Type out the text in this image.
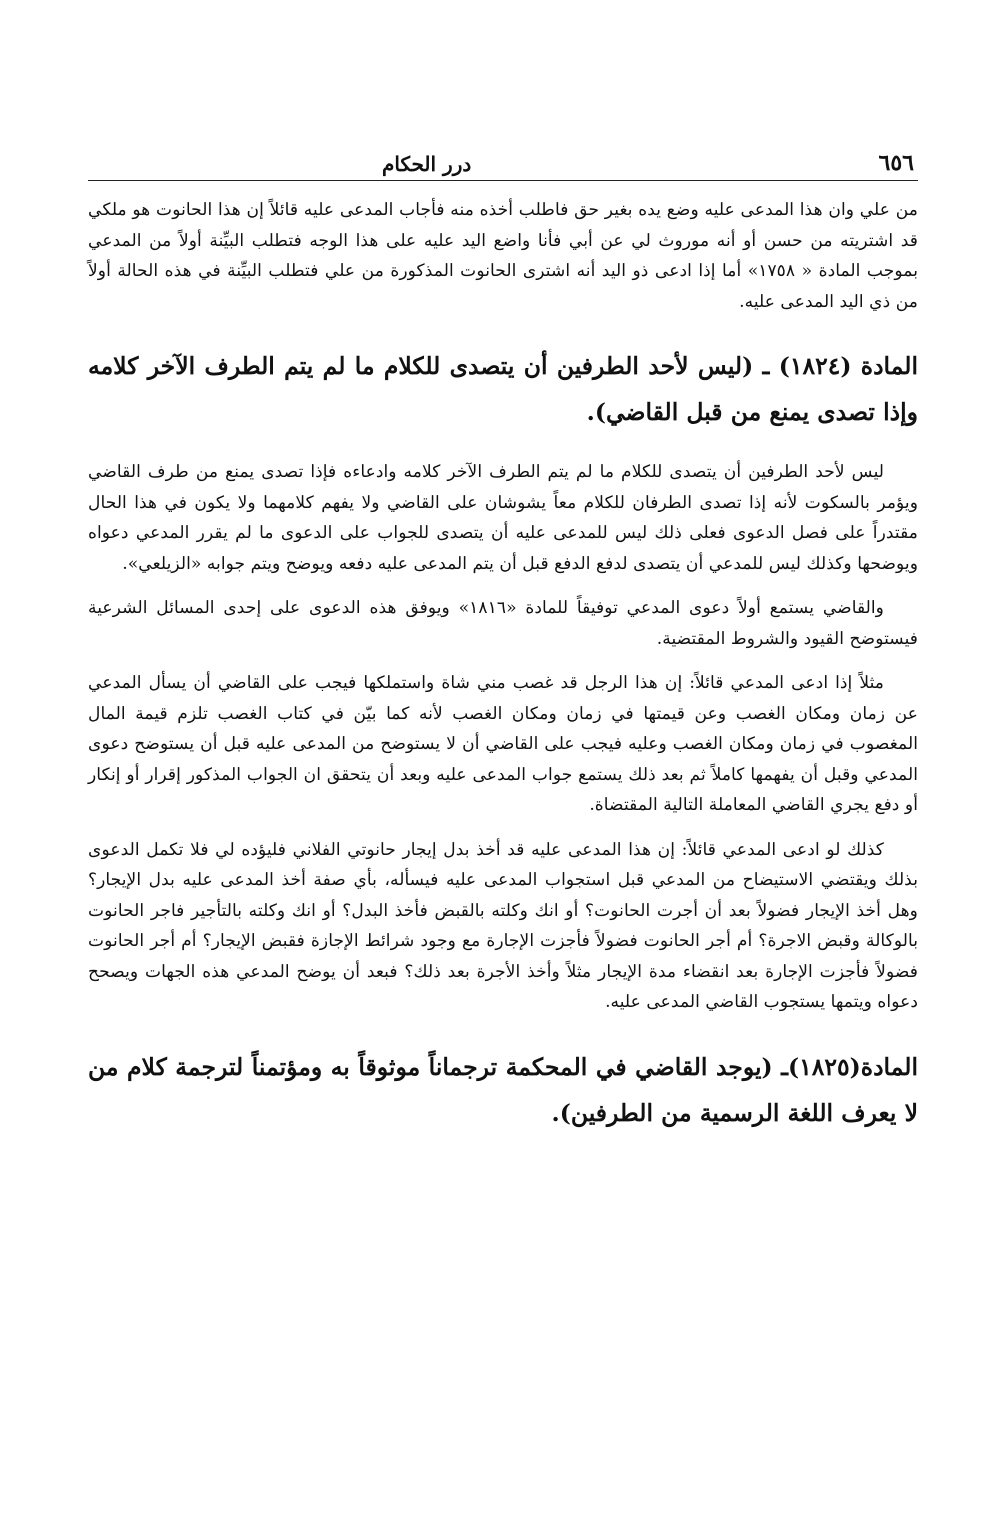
٦٥٦
درر الحكام

من علي وان هذا المدعى عليه وضع يده بغير حق فاطلب أخذه منه فأجاب المدعى عليه قائلاً إن هذا الحانوت هو ملكي قد اشتريته من حسن أو أنه موروث لي عن أبي فأنا واضع اليد عليه على هذا الوجه فتطلب البيِّنة أولاً من المدعي بموجب المادة « ١٧٥٨» أما إذا ادعى ذو اليد أنه اشترى الحانوت المذكورة من علي فتطلب البيِّنة في هذه الحالة أولاً من ذي اليد المدعى عليه.

المادة (١٨٢٤) ـ (ليس لأحد الطرفين أن يتصدى للكلام ما لم يتم الطرف الآخر كلامه وإذا تصدى يمنع من قبل القاضي).

ليس لأحد الطرفين أن يتصدى للكلام ما لم يتم الطرف الآخر كلامه وادعاءه فإذا تصدى يمنع من طرف القاضي ويؤمر بالسكوت لأنه إذا تصدى الطرفان للكلام معاً يشوشان على القاضي ولا يفهم كلامهما ولا يكون في هذا الحال مقتدراً على فصل الدعوى فعلى ذلك ليس للمدعى عليه أن يتصدى للجواب على الدعوى ما لم يقرر المدعي دعواه ويوضحها وكذلك ليس للمدعي أن يتصدى لدفع الدفع قبل أن يتم المدعى عليه دفعه ويوضح ويتم جوابه «الزيلعي».

والقاضي يستمع أولاً دعوى المدعي توفيقاً للمادة «١٨١٦» ويوفق هذه الدعوى على إحدى المسائل الشرعية فيستوضح القيود والشروط المقتضية.

مثلاً إذا ادعى المدعي قائلاً: إن هذا الرجل قد غصب مني شاة واستملكها فيجب على القاضي أن يسأل المدعي عن زمان ومكان الغصب وعن قيمتها في زمان ومكان الغصب لأنه كما بيّن في كتاب الغصب تلزم قيمة المال المغصوب في زمان ومكان الغصب وعليه فيجب على القاضي أن لا يستوضح من المدعى عليه قبل أن يستوضح دعوى المدعي وقبل أن يفهمها كاملاً ثم بعد ذلك يستمع جواب المدعى عليه وبعد أن يتحقق ان الجواب المذكور إقرار أو إنكار أو دفع يجري القاضي المعاملة التالية المقتضاة.

كذلك لو ادعى المدعي قائلاً: إن هذا المدعى عليه قد أخذ بدل إيجار حانوتي الفلاني فليؤده لي فلا تكمل الدعوى بذلك ويقتضي الاستيضاح من المدعي قبل استجواب المدعى عليه فيسأله، بأي صفة أخذ المدعى عليه بدل الإيجار؟ وهل أخذ الإيجار فضولاً بعد أن أجرت الحانوت؟ أو انك وكلته بالقبض فأخذ البدل؟ أو انك وكلته بالتأجير فاجر الحانوت بالوكالة وقبض الاجرة؟ أم أجر الحانوت فضولاً فأجزت الإجارة مع وجود شرائط الإجازة فقبض الإيجار؟ أم أجر الحانوت فضولاً فأجزت الإجارة بعد انقضاء مدة الإيجار مثلاً وأخذ الأجرة بعد ذلك؟ فبعد أن يوضح المدعي هذه الجهات ويصحح دعواه ويتمها يستجوب القاضي المدعى عليه.

المادة(١٨٢٥)ـ (يوجد القاضي في المحكمة ترجماناً موثوقاً به ومؤتمناً لترجمة كلام من لا يعرف اللغة الرسمية من الطرفين).
